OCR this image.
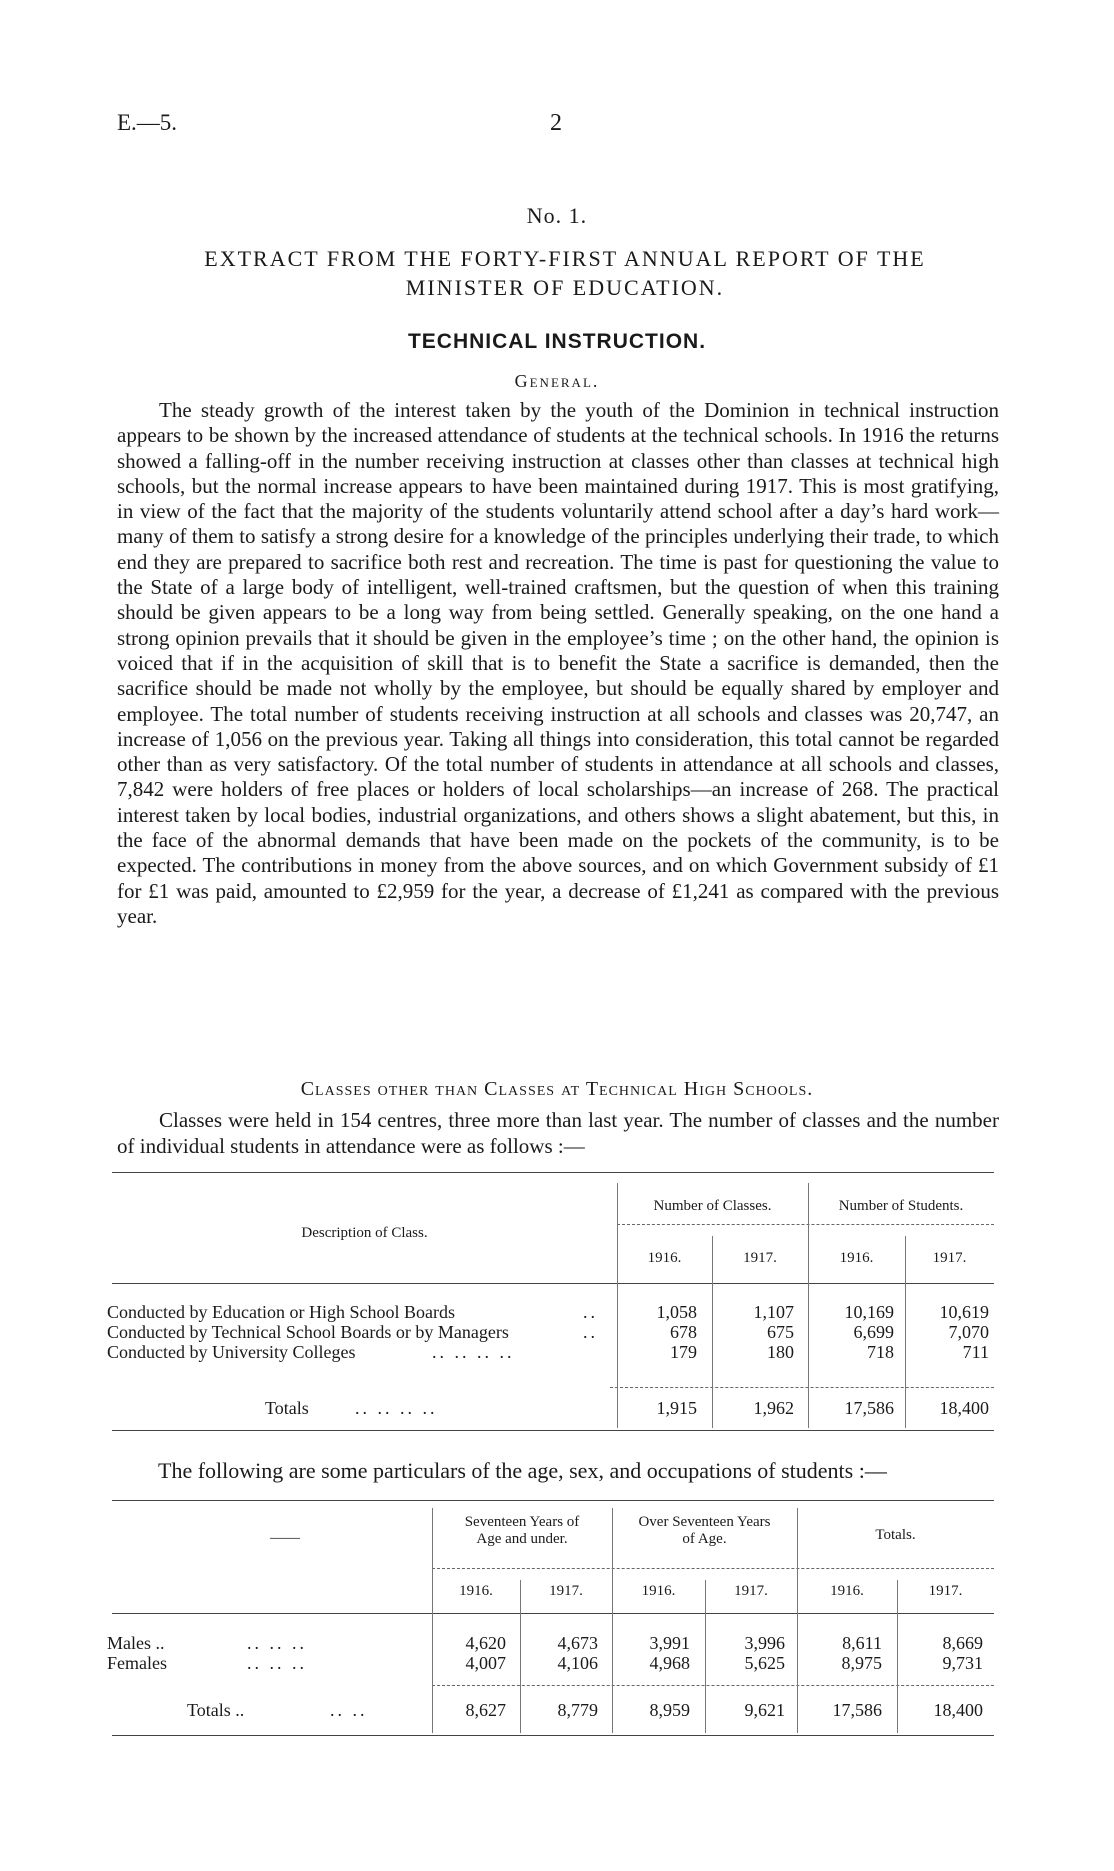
E.—5.	2
No. 1.
EXTRACT FROM THE FORTY-FIRST ANNUAL REPORT OF THE
MINISTER OF EDUCATION.
TECHNICAL INSTRUCTION.
General.

The steady growth of the interest taken by the youth of the Dominion in technical instruction appears to be shown by the increased attendance of students at the technical schools. In 1916 the returns showed a falling-off in the number receiving instruction at classes other than classes at technical high schools, but the normal increase appears to have been maintained during 1917. This is most gratifying, in view of the fact that the majority of the students voluntarily attend school after a day’s hard work—many of them to satisfy a strong desire for a knowledge of the principles underlying their trade, to which end they are prepared to sacrifice both rest and recreation. The time is past for questioning the value to the State of a large body of intelligent, well-trained craftsmen, but the question of when this training should be given appears to be a long way from being settled. Generally speaking, on the one hand a strong opinion prevails that it should be given in the employee’s time ; on the other hand, the opinion is voiced that if in the acquisition of skill that is to benefit the State a sacrifice is demanded, then the sacrifice should be made not wholly by the employee, but should be equally shared by employer and employee. The total number of students receiving instruction at all schools and classes was 20,747, an increase of 1,056 on the previous year. Taking all things into consideration, this total cannot be regarded other than as very satisfactory. Of the total number of students in attendance at all schools and classes, 7,842 were holders of free places or holders of local scholarships—an increase of 268. The practical interest taken by local bodies, industrial organizations, and others shows a slight abatement, but this, in the face of the abnormal demands that have been made on the pockets of the community, is to be expected. The contributions in money from the above sources, and on which Government subsidy of £1 for £1 was paid, amounted to £2,959 for the year, a decrease of £1,241 as compared with the previous year.

Classes other than Classes at Technical High Schools.

Classes were held in 154 centres, three more than last year. The number of classes and the number of individual students in attendance were as follows :—

Description of Class.
Number of Classes.	Number of Students.
1916.	1917.	1916.	1917.
Conducted by Education or High School Boards	..	1,058	1,107	10,169	10,619
Conducted by Technical School Boards or by Managers	..	678	675	6,699	7,070
Conducted by University Colleges	.. .. .. ..	179	180	718	711
Totals	.. .. .. ..	1,915	1,962	17,586	18,400
The following are some particulars of the age, sex, and occupations of students :—
——
Seventeen Years of
Age and under.
Over Seventeen Years
of Age.	Totals.
1916.	1917.	1916.	1917.	1916.	1917.
Males ..	.. .. ..	4,620	4,673	3,991	3,996	8,611	8,669
Females	.. .. ..	4,007	4,106	4,968	5,625	8,975	9,731
Totals ..	.. ..	8,627	8,779	8,959	9,621	17,586	18,400
